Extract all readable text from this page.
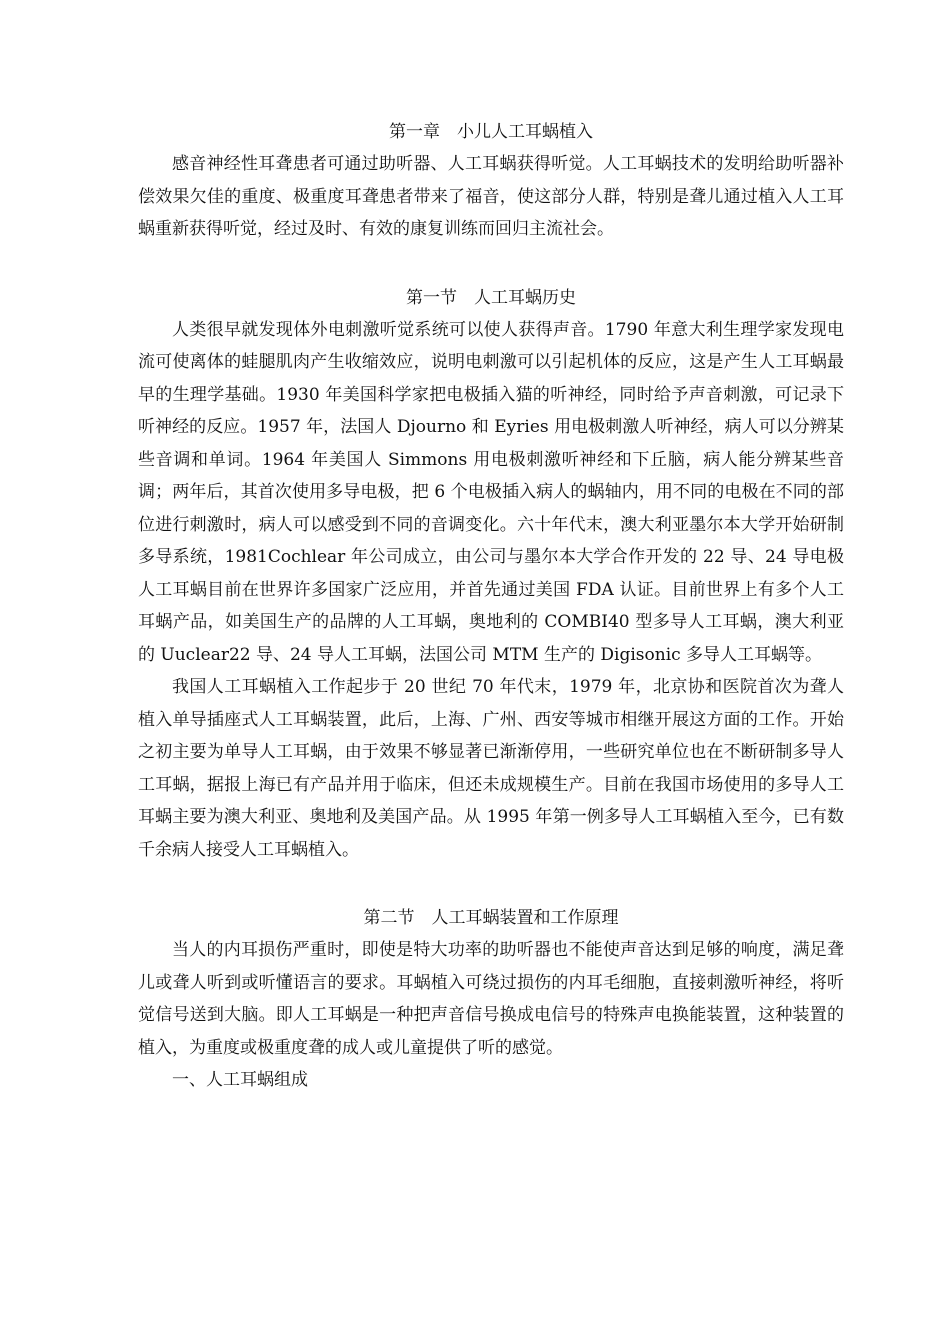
第一章　小儿人工耳蜗植入

感音神经性耳聋患者可通过助听器、人工耳蜗获得听觉。人工耳蜗技术的发明给助听器补偿效果欠佳的重度、极重度耳聋患者带来了福音，使这部分人群，特别是聋儿通过植入人工耳蜗重新获得听觉，经过及时、有效的康复训练而回归主流社会。

第一节　人工耳蜗历史

人类很早就发现体外电刺激听觉系统可以使人获得声音。1790 年意大利生理学家发现电流可使离体的蛙腿肌肉产生收缩效应，说明电刺激可以引起机体的反应，这是产生人工耳蜗最早的生理学基础。1930 年美国科学家把电极插入猫的听神经，同时给予声音刺激，可记录下听神经的反应。1957 年，法国人 Djourno 和 Eyries 用电极刺激人听神经，病人可以分辨某些音调和单词。1964 年美国人 Simmons 用电极刺激听神经和下丘脑，病人能分辨某些音调；两年后，其首次使用多导电极，把 6 个电极插入病人的蜗轴内，用不同的电极在不同的部位进行刺激时，病人可以感受到不同的音调变化。六十年代末，澳大利亚墨尔本大学开始研制多导系统，1981Cochlear 年公司成立，由公司与墨尔本大学合作开发的 22 导、24 导电极人工耳蜗目前在世界许多国家广泛应用，并首先通过美国 FDA 认证。目前世界上有多个人工耳蜗产品，如美国生产的品牌的人工耳蜗，奥地利的 COMBI40 型多导人工耳蜗，澳大利亚的 Uuclear22 导、24 导人工耳蜗，法国公司 MTM 生产的 Digisonic 多导人工耳蜗等。

我国人工耳蜗植入工作起步于 20 世纪 70 年代末，1979 年，北京协和医院首次为聋人植入单导插座式人工耳蜗装置，此后，上海、广州、西安等城市相继开展这方面的工作。开始之初主要为单导人工耳蜗，由于效果不够显著已渐渐停用，一些研究单位也在不断研制多导人工耳蜗，据报上海已有产品并用于临床，但还未成规模生产。目前在我国市场使用的多导人工耳蜗主要为澳大利亚、奥地利及美国产品。从 1995 年第一例多导人工耳蜗植入至今，已有数千余病人接受人工耳蜗植入。

第二节　人工耳蜗装置和工作原理

当人的内耳损伤严重时，即使是特大功率的助听器也不能使声音达到足够的响度，满足聋儿或聋人听到或听懂语言的要求。耳蜗植入可绕过损伤的内耳毛细胞，直接刺激听神经，将听觉信号送到大脑。即人工耳蜗是一种把声音信号换成电信号的特殊声电换能装置，这种装置的植入，为重度或极重度聋的成人或儿童提供了听的感觉。

一、人工耳蜗组成
